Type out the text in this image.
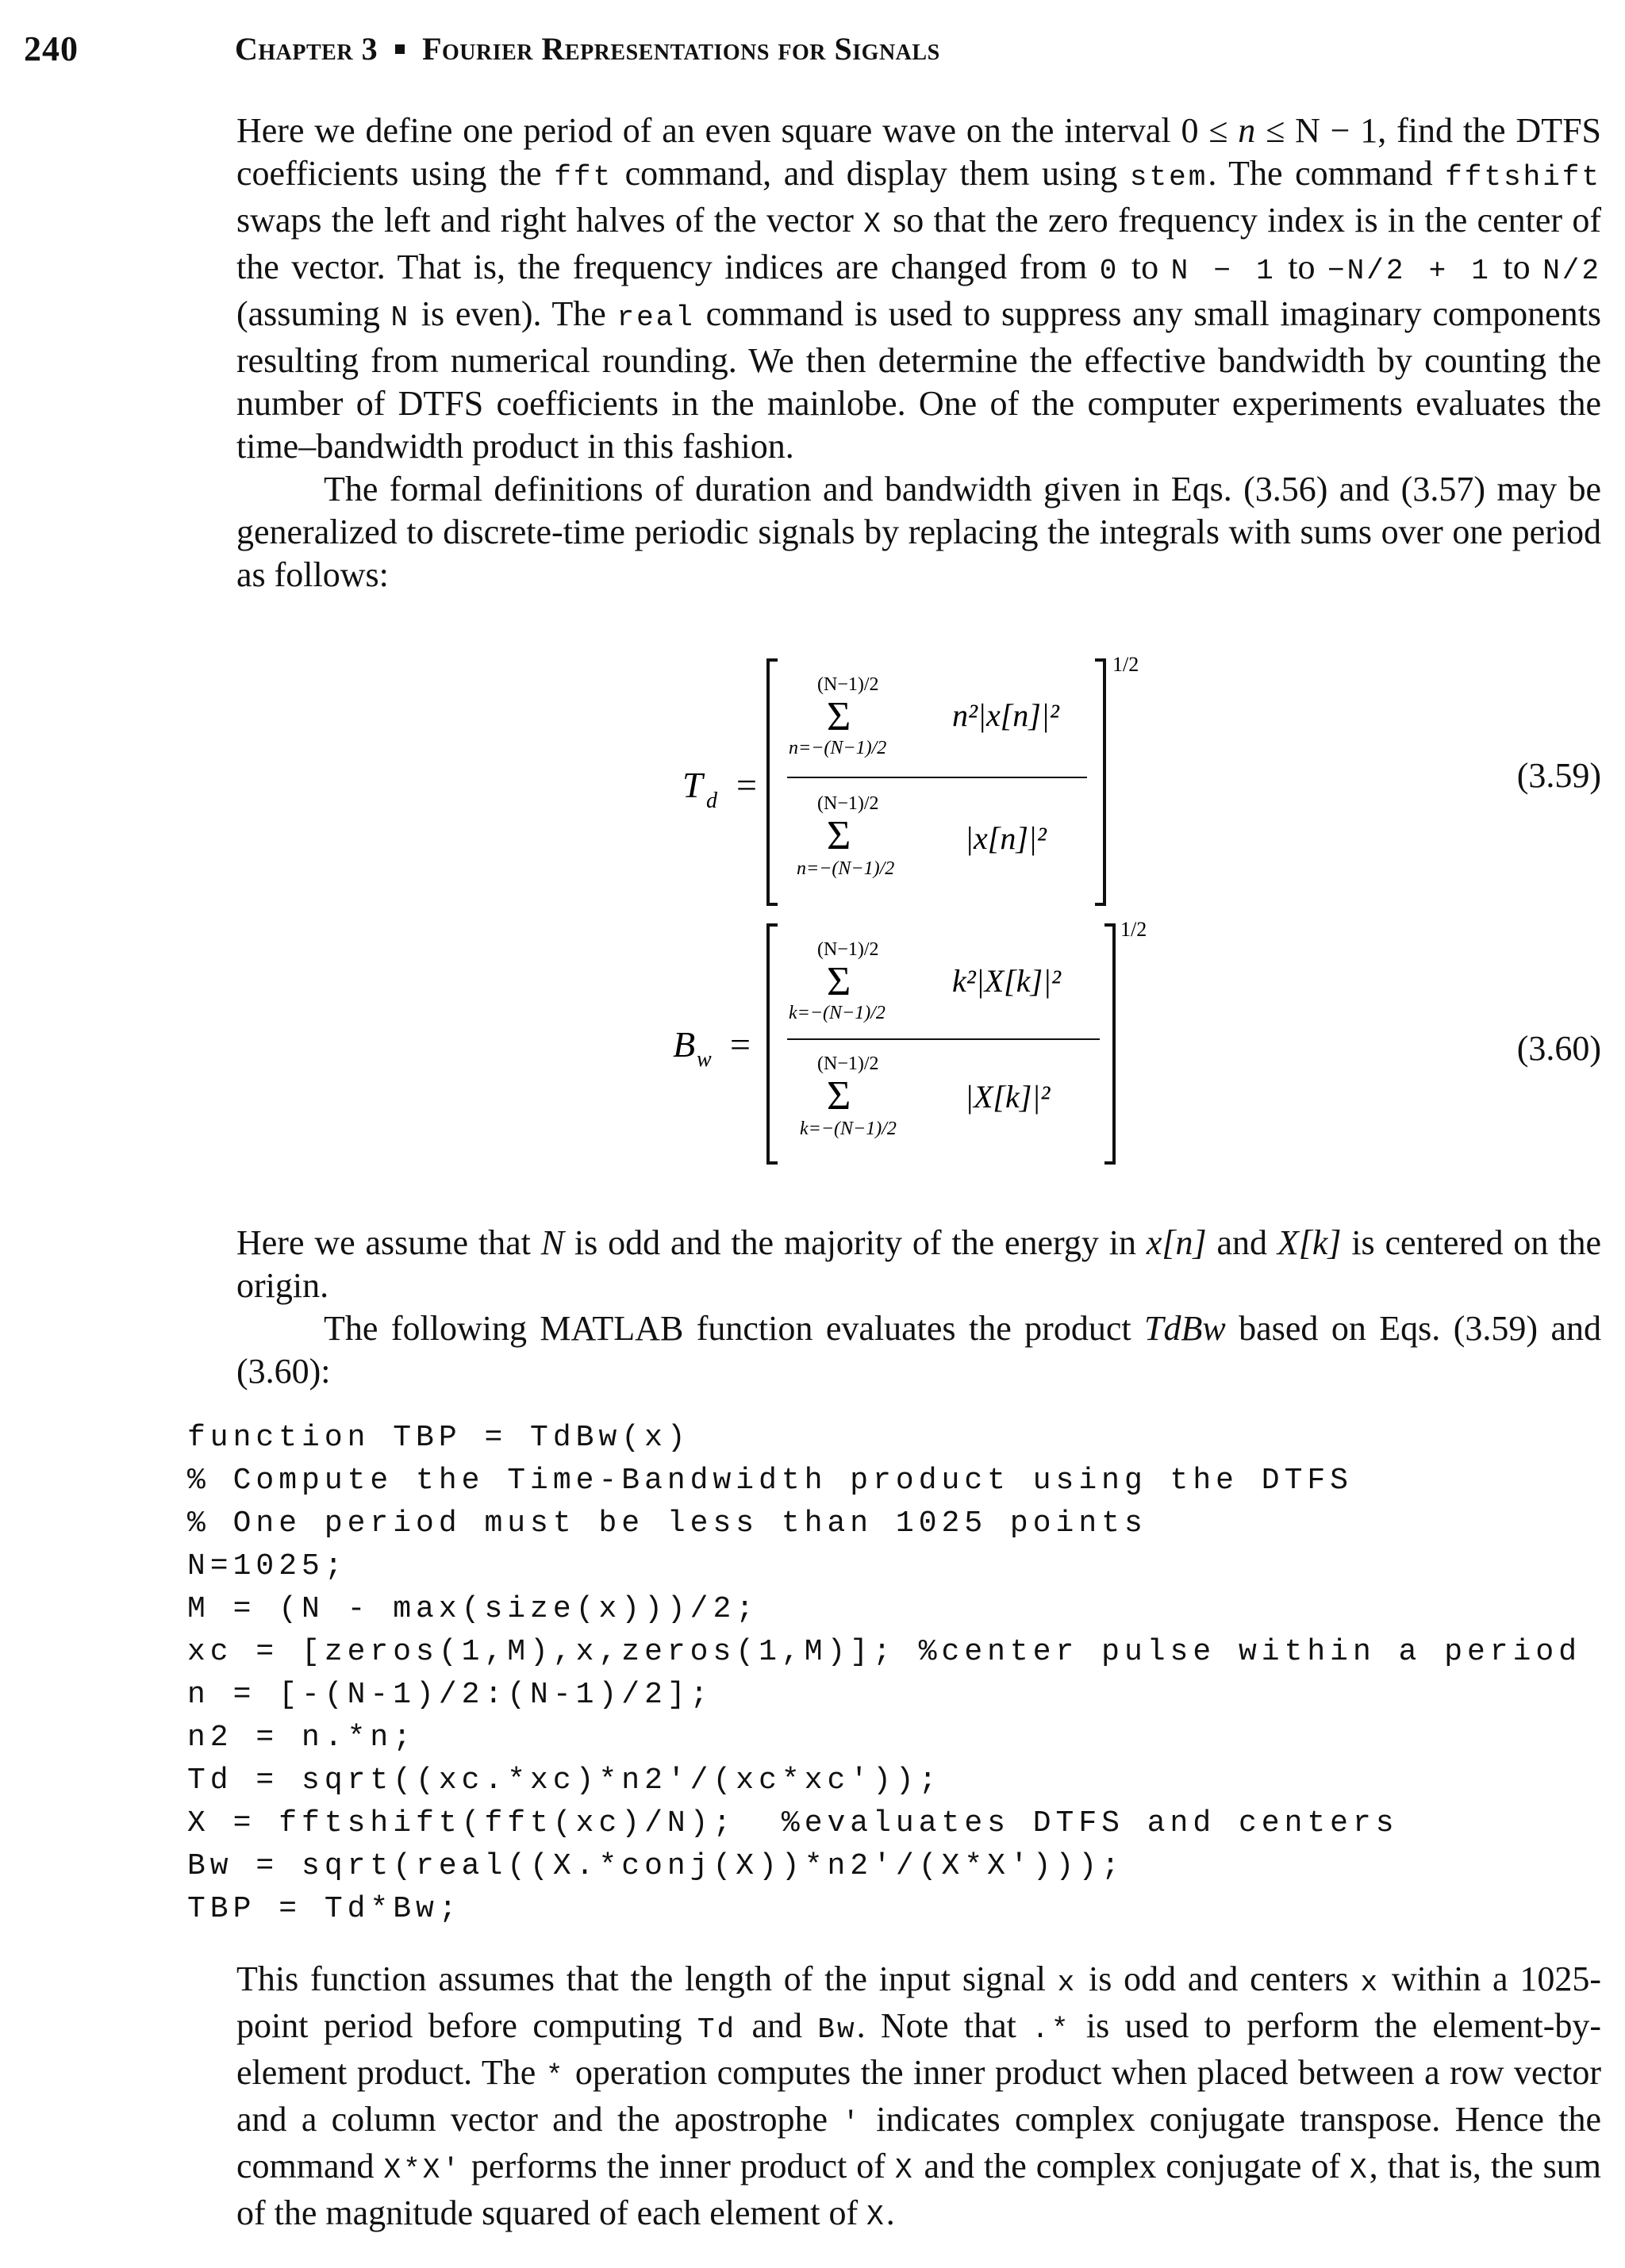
240	Chapter 3 Fourier Representations for Signals

Here we define one period of an even square wave on the interval 0 ≤ n ≤ N − 1, find the DTFS coefficients using the fft command, and display them using stem. The command fftshift swaps the left and right halves of the vector X so that the zero frequency index is in the center of the vector. That is, the frequency indices are changed from 0 to N − 1 to −N/2 + 1 to N/2 (assuming N is even). The real command is used to suppress any small imaginary components resulting from numerical rounding. We then determine the effective bandwidth by counting the number of DTFS coefficients in the mainlobe. One of the computer experiments evaluates the time–bandwidth product in this fashion.

The formal definitions of duration and bandwidth given in Eqs. (3.56) and (3.57) may be generalized to discrete-time periodic signals by replacing the integrals with sums over one period as follows:

T d =
1/2
(N−1)/2
Σ
n=−(N−1)/2
n²|x[n]|²
(N−1)/2
Σ
n=−(N−1)/2
|x[n]|²
(3.59)
B w =
1/2
(N−1)/2
Σ
k=−(N−1)/2
k²|X[k]|²
(N−1)/2
Σ
k=−(N−1)/2
|X[k]|²
(3.60)

Here we assume that N is odd and the majority of the energy in x[n] and X[k] is centered on the origin.

The following MATLAB function evaluates the product TdBw based on Eqs. (3.59) and (3.60):

function TBP = TdBw(x)
% Compute the Time-Bandwidth product using the DTFS
% One period must be less than 1025 points
N=1025;
M = (N - max(size(x)))/2;
xc = [zeros(1,M),x,zeros(1,M)]; %center pulse within a period
n = [-(N-1)/2:(N-1)/2];
n2 = n.*n;
Td = sqrt((xc.*xc)*n2'/(xc*xc'));
X = fftshift(fft(xc)/N);  %evaluates DTFS and centers
Bw = sqrt(real((X.*conj(X))*n2'/(X*X')));
TBP = Td*Bw;

This function assumes that the length of the input signal x is odd and centers x within a 1025-point period before computing Td and Bw. Note that .* is used to perform the element-by-element product. The * operation computes the inner product when placed between a row vector and a column vector and the apostrophe ' indicates complex conjugate transpose. Hence the command X*X' performs the inner product of X and the complex conjugate of X, that is, the sum of the magnitude squared of each element of X.
